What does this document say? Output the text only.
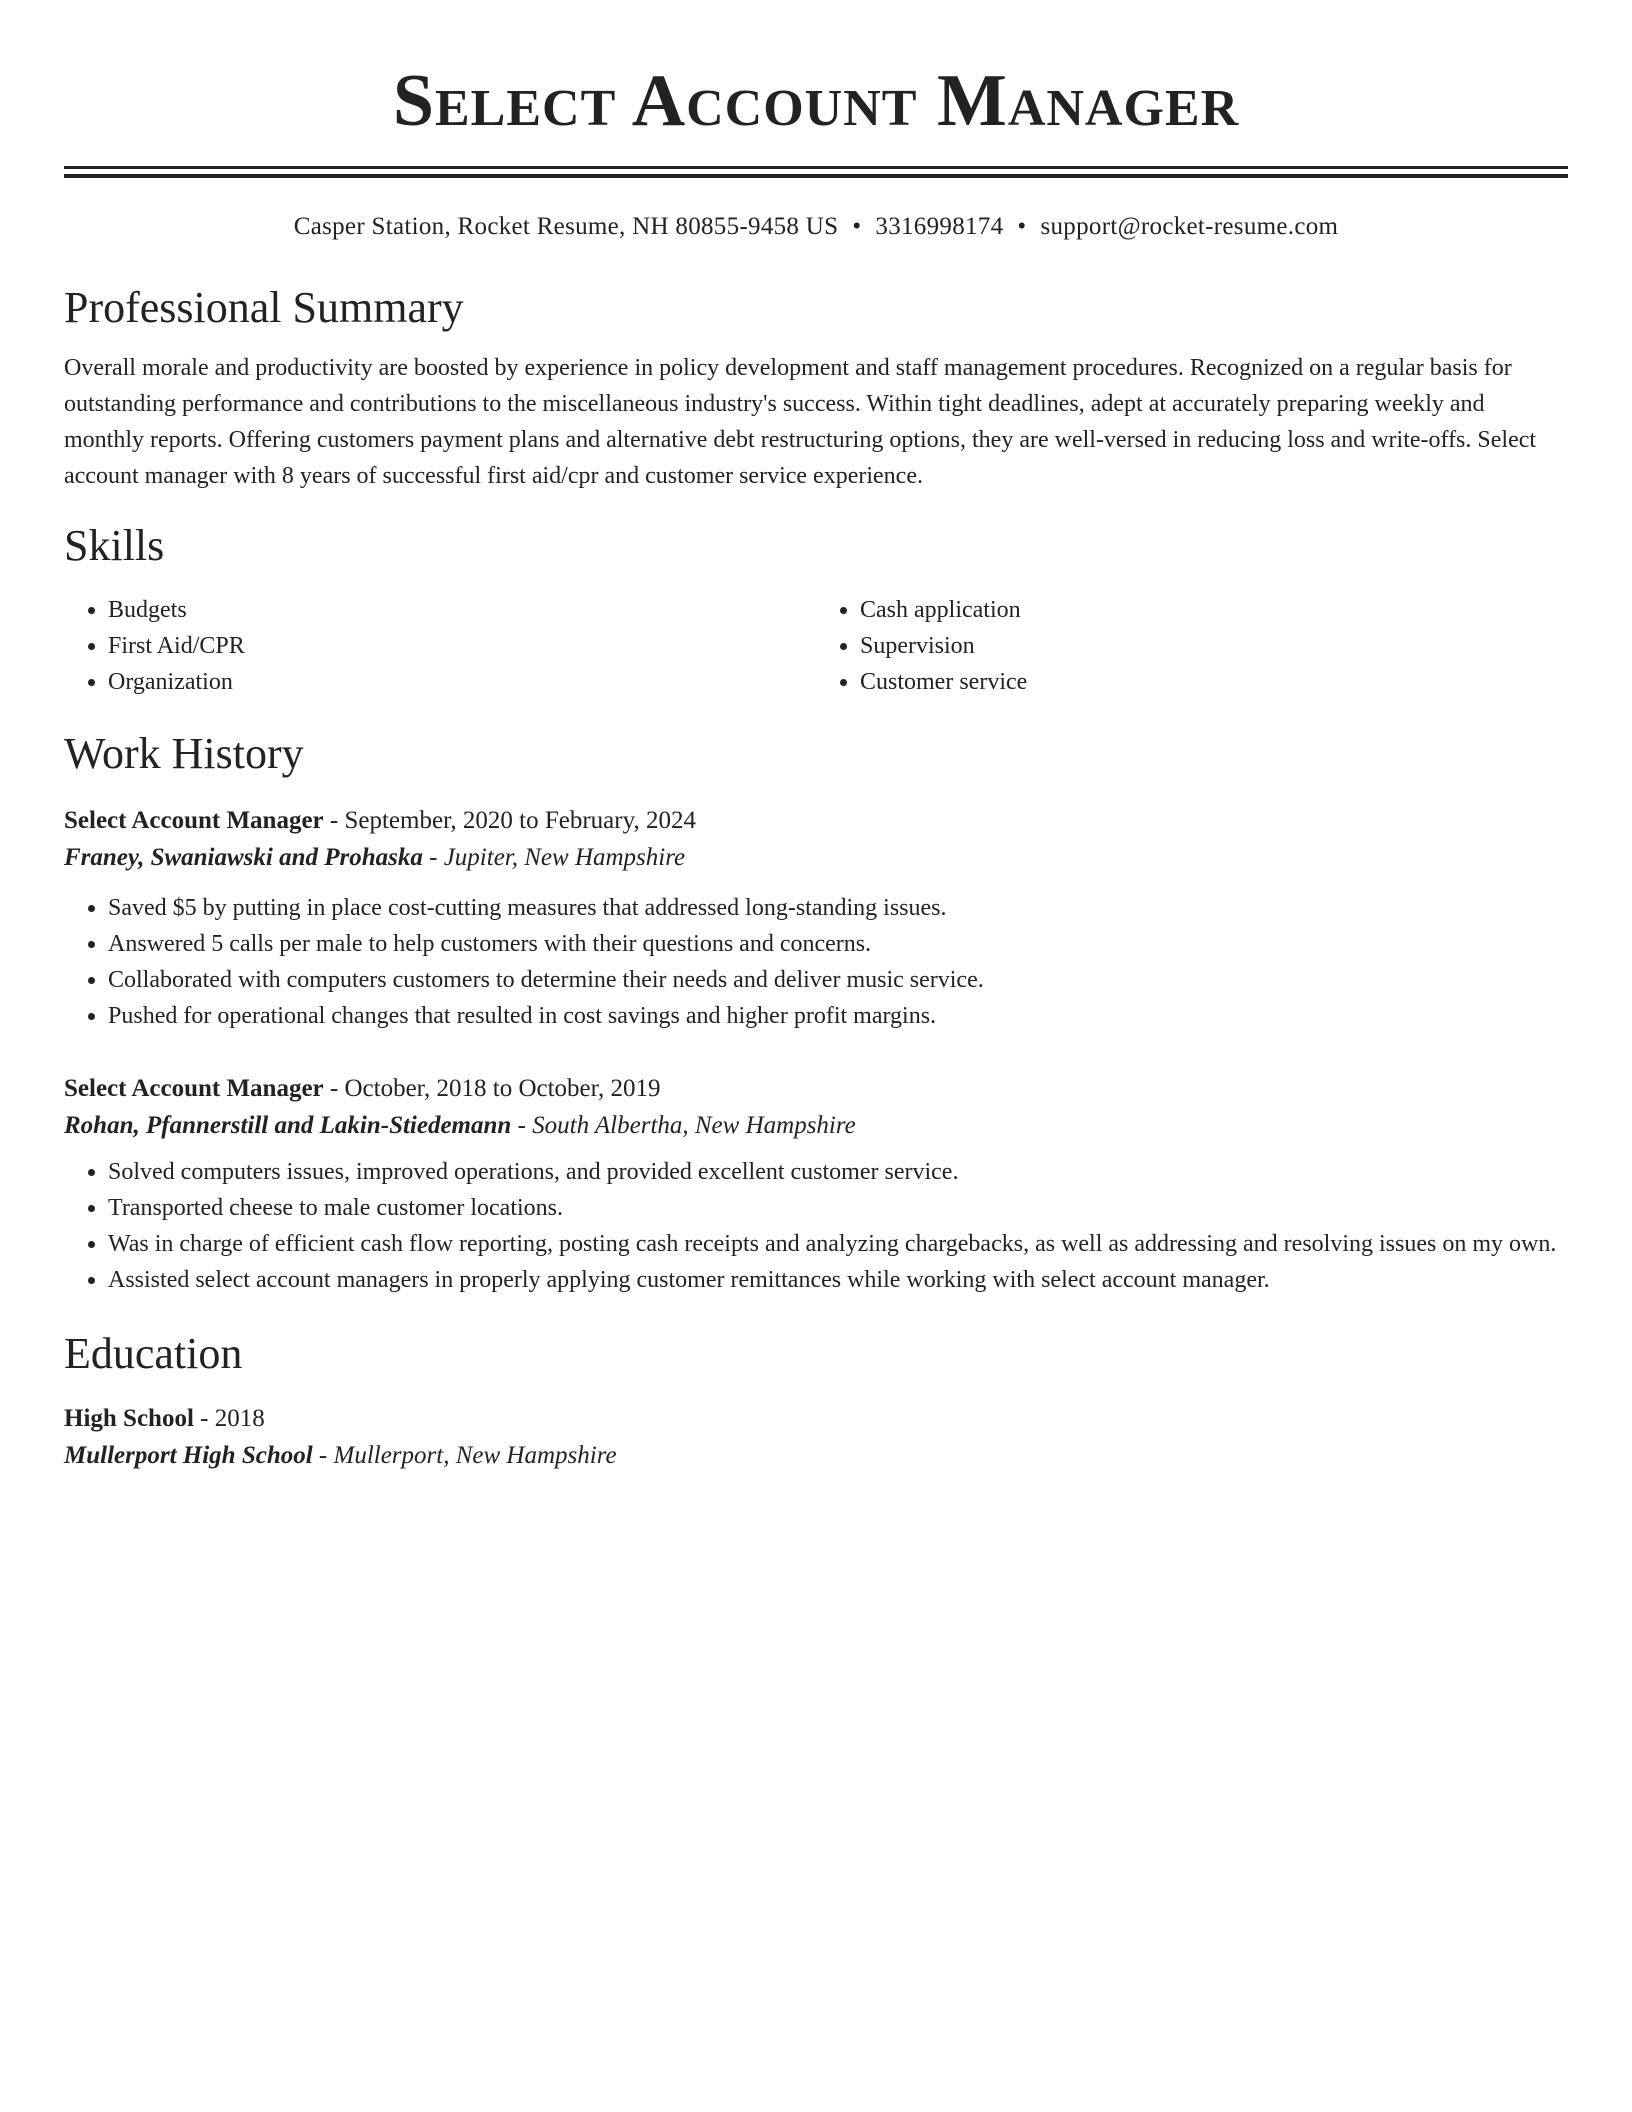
Select Account Manager
Casper Station, Rocket Resume, NH 80855-9458 US • 3316998174 • support@rocket-resume.com
Professional Summary
Overall morale and productivity are boosted by experience in policy development and staff management procedures. Recognized on a regular basis for outstanding performance and contributions to the miscellaneous industry's success. Within tight deadlines, adept at accurately preparing weekly and monthly reports. Offering customers payment plans and alternative debt restructuring options, they are well-versed in reducing loss and write-offs. Select account manager with 8 years of successful first aid/cpr and customer service experience.
Skills
• Budgets
• First Aid/CPR
• Organization
• Cash application
• Supervision
• Customer service
Work History
Select Account Manager - September, 2020 to February, 2024
Franey, Swaniawski and Prohaska - Jupiter, New Hampshire
• Saved $5 by putting in place cost-cutting measures that addressed long-standing issues.
• Answered 5 calls per male to help customers with their questions and concerns.
• Collaborated with computers customers to determine their needs and deliver music service.
• Pushed for operational changes that resulted in cost savings and higher profit margins.
Select Account Manager - October, 2018 to October, 2019
Rohan, Pfannerstill and Lakin-Stiedemann - South Albertha, New Hampshire
• Solved computers issues, improved operations, and provided excellent customer service.
• Transported cheese to male customer locations.
• Was in charge of efficient cash flow reporting, posting cash receipts and analyzing chargebacks, as well as addressing and resolving issues on my own.
• Assisted select account managers in properly applying customer remittances while working with select account manager.
Education
High School - 2018
Mullerport High School - Mullerport, New Hampshire
